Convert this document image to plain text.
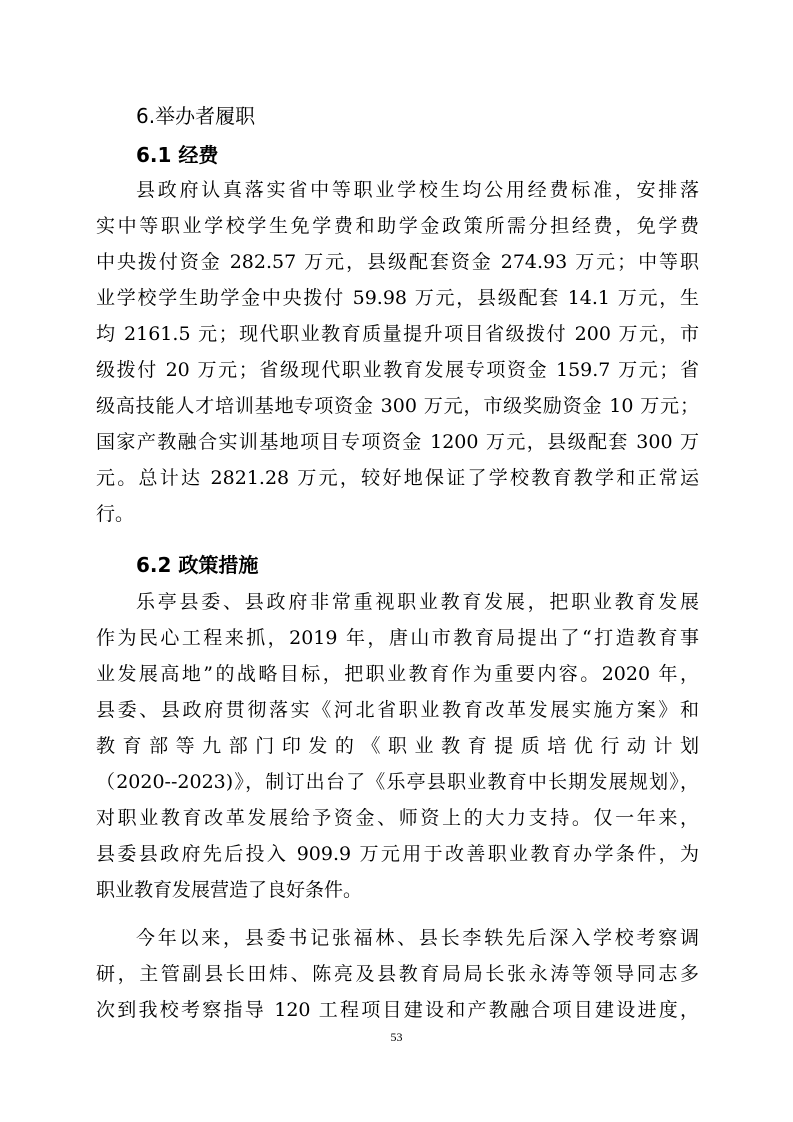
6.举办者履职
6.1 经费
县政府认真落实省中等职业学校生均公用经费标准，安排落
实中等职业学校学生免学费和助学金政策所需分担经费，免学费
中央拨付资金 282.57 万元，县级配套资金 274.93 万元；中等职
业学校学生助学金中央拨付 59.98 万元，县级配套 14.1 万元，生
均 2161.5 元；现代职业教育质量提升项目省级拨付 200 万元，市
级拨付 20 万元；省级现代职业教育发展专项资金 159.7 万元；省
级高技能人才培训基地专项资金 300 万元，市级奖励资金 10 万元；
国家产教融合实训基地项目专项资金 1200 万元，县级配套 300 万
元。总计达 2821.28 万元，较好地保证了学校教育教学和正常运
行。
6.2 政策措施
乐亭县委、县政府非常重视职业教育发展，把职业教育发展
作为民心工程来抓，2019 年，唐山市教育局提出了“打造教育事
业发展高地”的战略目标，把职业教育作为重要内容。2020 年，
县委、县政府贯彻落实《河北省职业教育改革发展实施方案》和
教育部等九部门印发的《职业教育提质培优行动计划
（2020--2023)》，制订出台了《乐亭县职业教育中长期发展规划》，
对职业教育改革发展给予资金、师资上的大力支持。仅一年来，
县委县政府先后投入 909.9 万元用于改善职业教育办学条件，为
职业教育发展营造了良好条件。
今年以来，县委书记张福林、县长李轶先后深入学校考察调
研，主管副县长田炜、陈亮及县教育局局长张永涛等领导同志多
次到我校考察指导 120 工程项目建设和产教融合项目建设进度，
53
